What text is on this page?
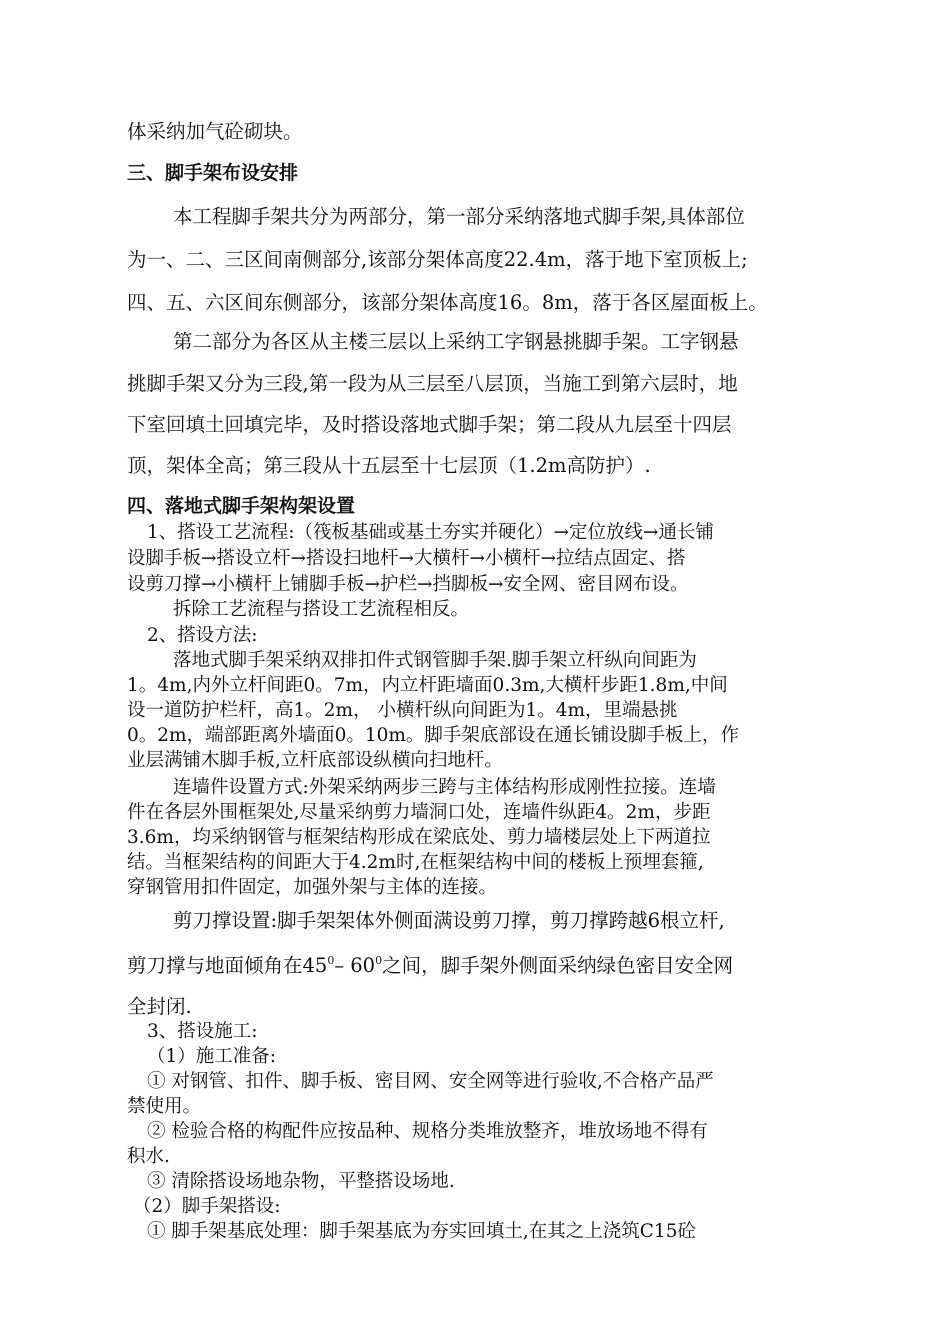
体采纳加气砼砌块。
三、脚手架布设安排
本工程脚手架共分为两部分，第一部分采纳落地式脚手架,具体部位
为一、二、三区间南侧部分,该部分架体高度22.4m，落于地下室顶板上;
四、五、六区间东侧部分，该部分架体高度16。8m，落于各区屋面板上。
第二部分为各区从主楼三层以上采纳工字钢悬挑脚手架。工字钢悬
挑脚手架又分为三段,第一段为从三层至八层顶，当施工到第六层时，地
下室回填土回填完毕，及时搭设落地式脚手架；第二段从九层至十四层
顶，架体全高；第三段从十五层至十七层顶（1.2m高防护）.
四、落地式脚手架构架设置
1、搭设工艺流程:（筏板基础或基土夯实并硬化）→定位放线→通长铺
设脚手板→搭设立杆→搭设扫地杆→大横杆→小横杆→拉结点固定、搭
设剪刀撑→小横杆上铺脚手板→护栏→挡脚板→安全网、密目网布设。
拆除工艺流程与搭设工艺流程相反。
2、搭设方法:
落地式脚手架采纳双排扣件式钢管脚手架.脚手架立杆纵向间距为
1。4m,内外立杆间距0。7m，内立杆距墙面0.3m,大横杆步距1.8m,中间
设一道防护栏杆，高1。2m， 小横杆纵向间距为1。4m，里端悬挑
0。2m，端部距离外墙面0。10m。脚手架底部设在通长铺设脚手板上，作
业层满铺木脚手板,立杆底部设纵横向扫地杆。
连墙件设置方式:外架采纳两步三跨与主体结构形成刚性拉接。连墙
件在各层外围框架处,尽量采纳剪力墙洞口处，连墙件纵距4。2m，步距
3.6m，均采纳钢管与框架结构形成在梁底处、剪力墙楼层处上下两道拉
结。当框架结构的间距大于4.2m时,在框架结构中间的楼板上预埋套箍,
穿钢管用扣件固定，加强外架与主体的连接。
剪刀撑设置:脚手架架体外侧面满设剪刀撑，剪刀撑跨越6根立杆,
剪刀撑与地面倾角在$45^0-$ $60^0$之间，脚手架外侧面采纳绿色密目安全网
全封闭.
3、搭设施工:
（1）施工准备:
① 对钢管、扣件、脚手板、密目网、安全网等进行验收,不合格产品严
禁使用。
② 检验合格的构配件应按品种、规格分类堆放整齐，堆放场地不得有
积水.
③ 清除搭设场地杂物，平整搭设场地.
（2）脚手架搭设:
① 脚手架基底处理：脚手架基底为夯实回填土,在其之上浇筑C15砼
